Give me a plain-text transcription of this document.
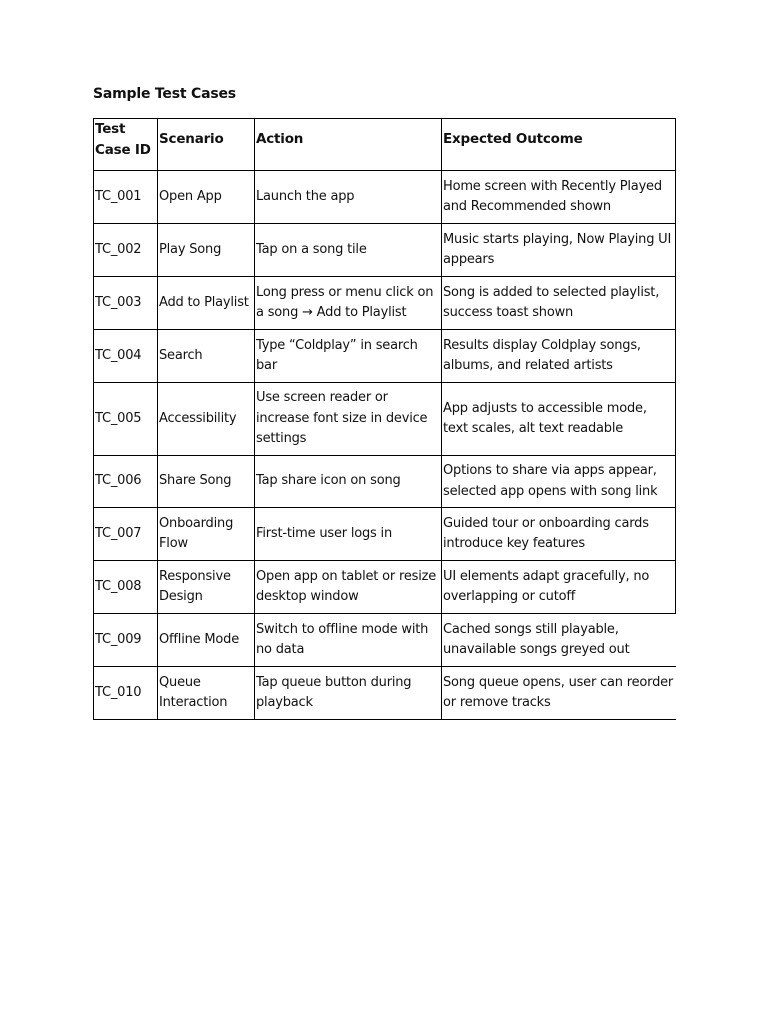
Sample Test Cases
Test Case ID	Scenario	Action	Expected Outcome
TC_001	Open App	Launch the app	Home screen with Recently Played and Recommended shown
TC_002	Play Song	Tap on a song tile	Music starts playing, Now Playing UI appears
TC_003	Add to Playlist	Long press or menu click on a song → Add to Playlist	Song is added to selected playlist, success toast shown
TC_004	Search	Type “Coldplay” in search bar	Results display Coldplay songs, albums, and related artists
TC_005	Accessibility	Use screen reader or increase font size in device settings	App adjusts to accessible mode, text scales, alt text readable
TC_006	Share Song	Tap share icon on song	Options to share via apps appear, selected app opens with song link
TC_007	Onboarding Flow	First-time user logs in	Guided tour or onboarding cards introduce key features
TC_008	Responsive Design	Open app on tablet or resize desktop window	UI elements adapt gracefully, no overlapping or cutoff
TC_009	Offline Mode	Switch to offline mode with no data	Cached songs still playable, unavailable songs greyed out
TC_010	Queue Interaction	Tap queue button during playback	Song queue opens, user can reorder or remove tracks
